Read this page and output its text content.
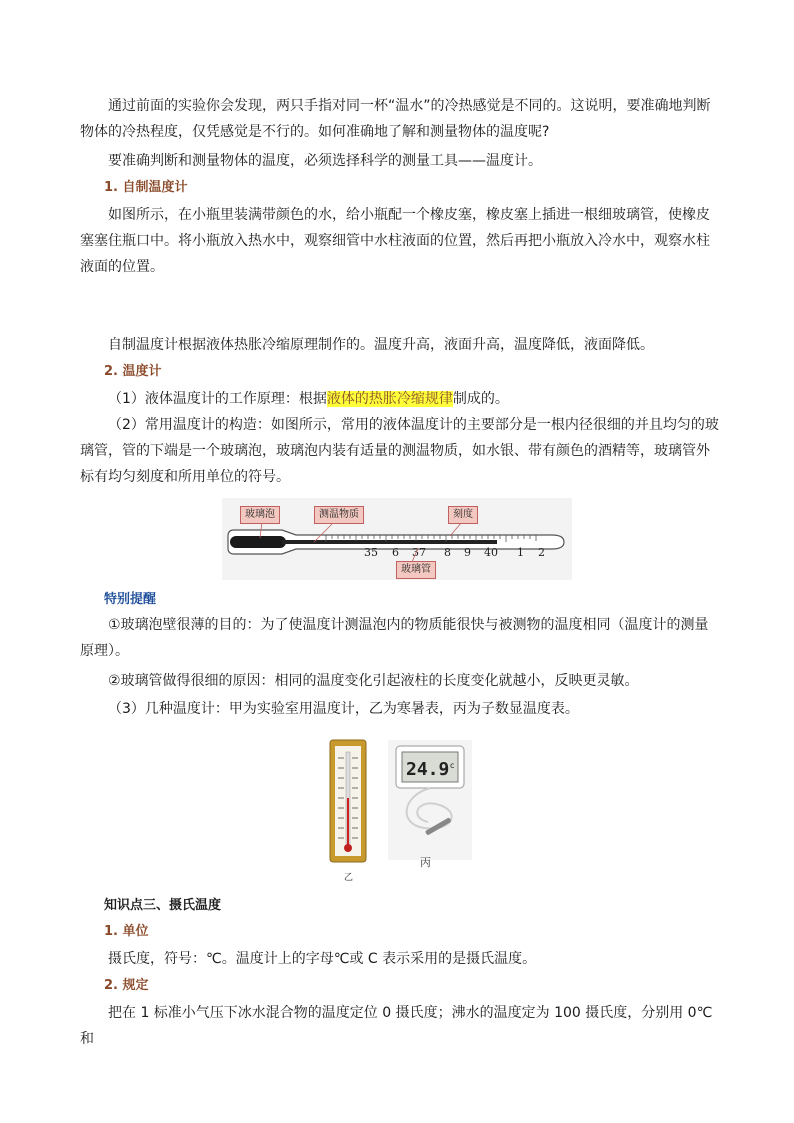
通过前面的实验你会发现，两只手指对同一杯“温水”的冷热感觉是不同的。这说明，要准确地判断物体的冷热程度，仅凭感觉是不行的。如何准确地了解和测量物体的温度呢?

要准确判断和测量物体的温度，必须选择科学的测量工具——温度计。

1. 自制温度计

如图所示，在小瓶里装满带颜色的水，给小瓶配一个橡皮塞，橡皮塞上插进一根细玻璃管，使橡皮塞塞住瓶口中。将小瓶放入热水中，观察细管中水柱液面的位置，然后再把小瓶放入冷水中，观察水柱液面的位置。

自制温度计根据液体热胀冷缩原理制作的。温度升高，液面升高，温度降低，液面降低。

2. 温度计

（1）液体温度计的工作原理：根据液体的热胀冷缩规律制成的。

（2）常用温度计的构造：如图所示，常用的液体温度计的主要部分是一根内径很细的并且均匀的玻璃管，管的下端是一个玻璃泡，玻璃泡内装有适量的测温物质，如水银、带有颜色的酒精等，玻璃管外标有均匀刻度和所用单位的符号。

35 6 37 8 9 40 1 2
玻璃泡	测温物质	刻度
玻璃管

特别提醒

①玻璃泡壁很薄的目的：为了使温度计测温泡内的物质能很快与被测物的温度相同（温度计的测量原理）。

②玻璃管做得很细的原因：相同的温度变化引起液柱的长度变化就越小，反映更灵敏。

（3）几种温度计：甲为实验室用温度计，乙为寒暑表，丙为子数显温度表。

乙
24.9 c
丙

知识点三、摄氏温度

1. 单位

摄氏度，符号：℃。温度计上的字母℃或 C 表示采用的是摄氏温度。

2. 规定

把在 1 标准小气压下冰水混合物的温度定位 0 摄氏度；沸水的温度定为 100 摄氏度，分别用 0℃和
